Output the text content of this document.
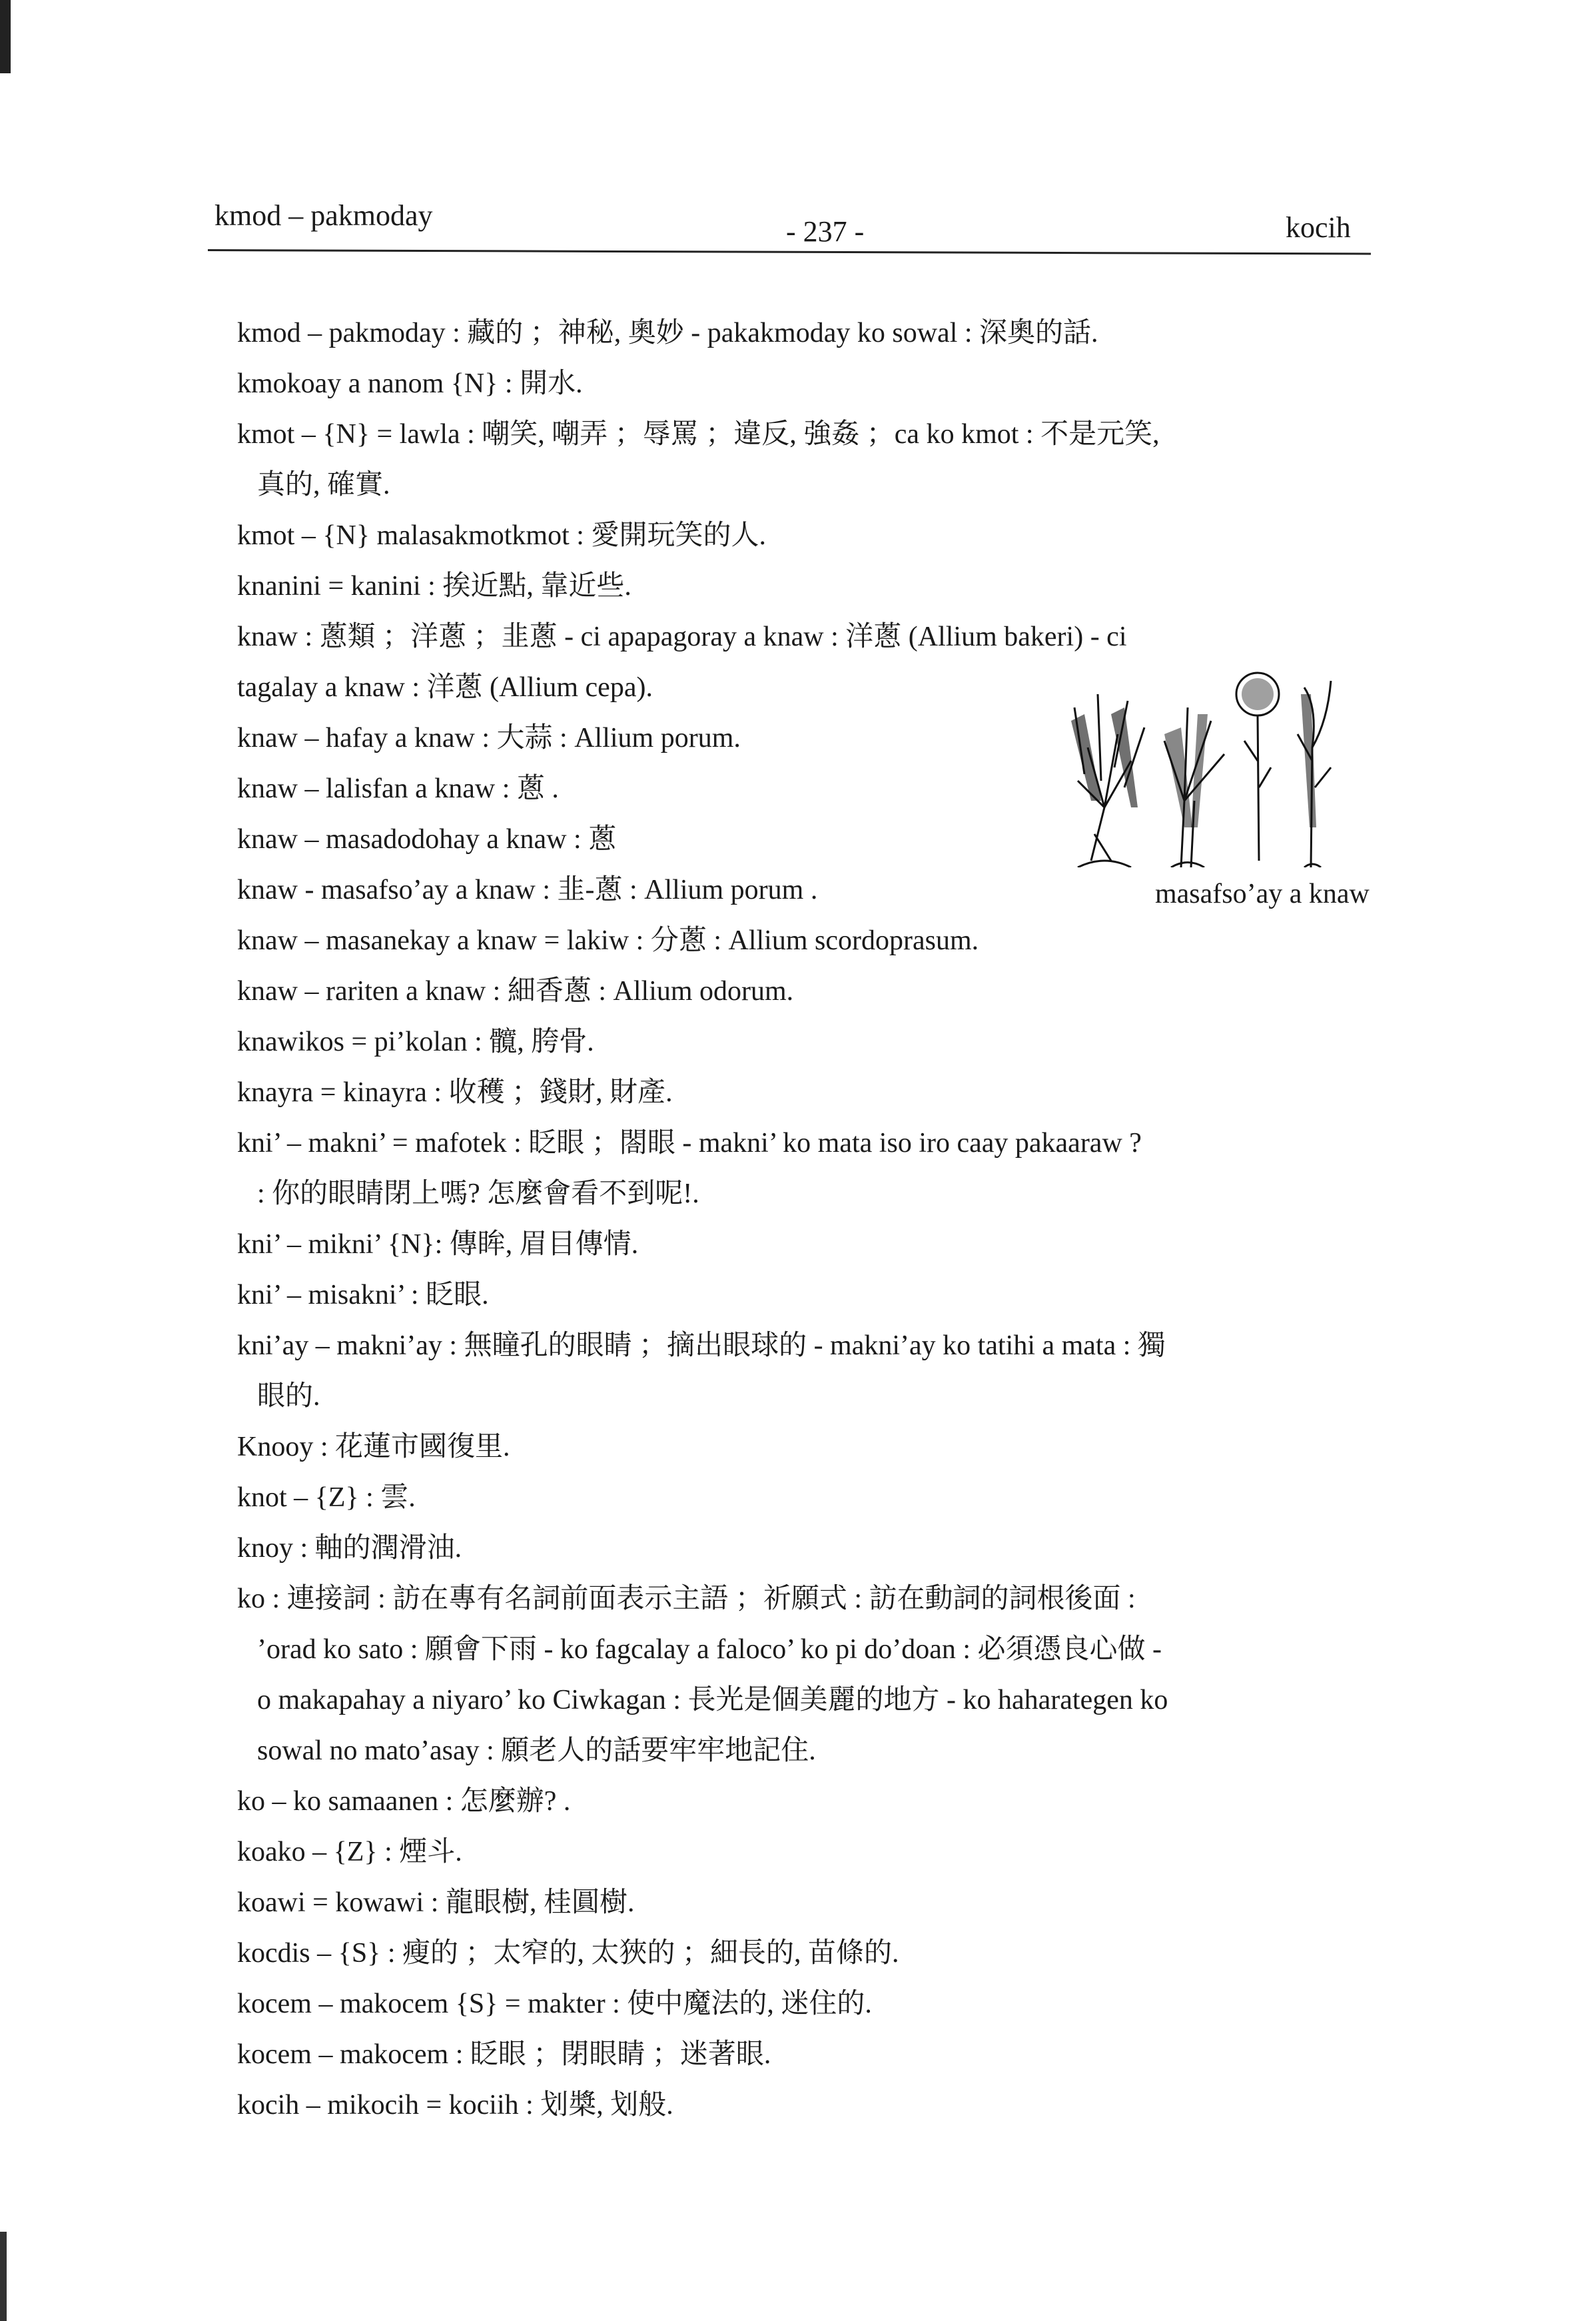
kmod – pakmoday	- 237 -	kocih
kmod – pakmoday : 藏的 ；神秘, 奧妙 - pakakmoday ko sowal : 深奧的話.
kmokoay a nanom {N} : 開水.
kmot – {N} = lawla : 嘲笑, 嘲弄 ；辱罵 ；違反, 強姦 ；ca ko kmot : 不是元笑,

真的, 確實.
kmot – {N} malasakmotkmot : 愛開玩笑的人.
knanini = kanini : 挨近點, 靠近些.
knaw : 蔥類 ；洋蔥 ；韭蔥 - ci apapagoray a knaw : 洋蔥 (Allium bakeri) - ci
tagalay a knaw : 洋蔥 (Allium cepa).
knaw – hafay a knaw : 大蒜 : Allium porum.
knaw – lalisfan a knaw : 蔥 .
knaw – masadodohay a knaw : 蔥
knaw - masafso’ay a knaw : 韭-蔥 : Allium porum .
knaw – masanekay a knaw = lakiw : 分蔥 : Allium scordoprasum.
knaw – rariten a knaw : 細香蔥 : Allium odorum.
knawikos = pi’kolan : 髖, 胯骨.
knayra = kinayra : 收穫 ；錢財, 財產.
kni’ – makni’ = mafotek : 眨眼 ；閤眼 - makni’ ko mata iso iro caay pakaaraw ?

: 你的眼睛閉上嗎? 怎麼會看不到呢!.
kni’ – mikni’ {N}: 傳眸, 眉目傳情.
kni’ – misakni’ : 眨眼.
kni’ay – makni’ay : 無瞳孔的眼睛 ；摘出眼球的 - makni’ay ko tatihi a mata : 獨

眼的.
Knooy : 花蓮市國復里.
knot – {Z} : 雲.
knoy : 軸的潤滑油.
ko : 連接詞 : 訪在專有名詞前面表示主語 ；祈願式 : 訪在動詞的詞根後面 :

’orad ko sato : 願會下雨 - ko fagcalay a faloco’ ko pi do’doan : 必須憑良心做 -
o makapahay a niyaro’ ko Ciwkagan : 長光是個美麗的地方 - ko haharategen ko
sowal no mato’asay : 願老人的話要牢牢地記住.
ko – ko samaanen : 怎麼辦? .
koako – {Z} : 煙斗.
koawi = kowawi : 龍眼樹, 桂圓樹.
kocdis – {S} : 瘦的 ；太窄的, 太狹的 ；細長的, 苗條的.
kocem – makocem {S} = makter : 使中魔法的, 迷住的.
kocem – makocem : 眨眼 ；閉眼睛 ；迷著眼.
kocih – mikocih = kociih : 划槳, 划般.
masafso’ay a knaw
